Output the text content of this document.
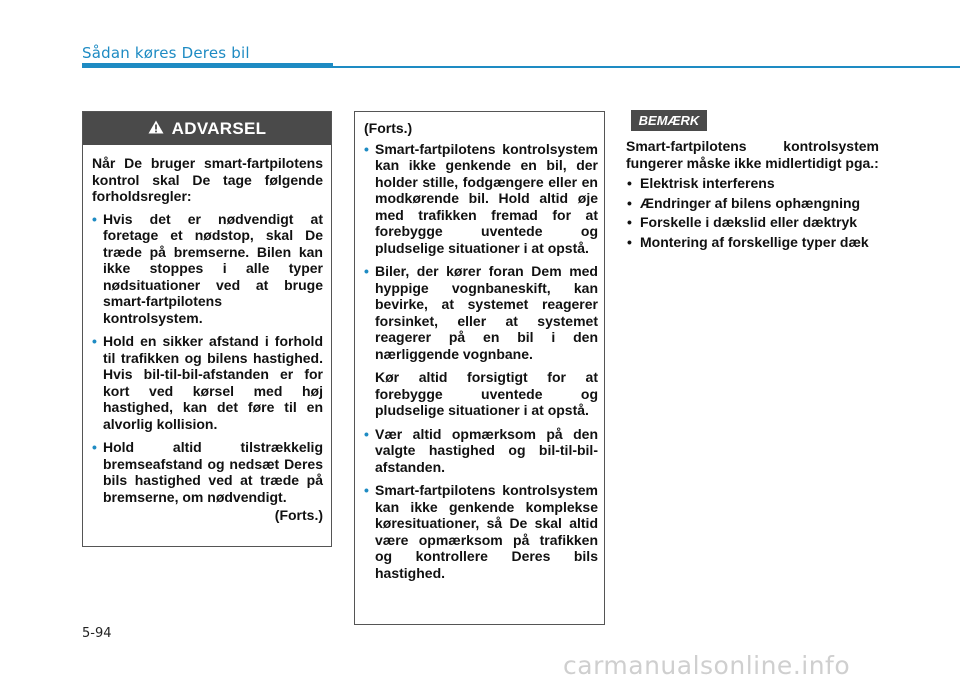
Sådan køres Deres bil
ADVARSEL

Når De bruger smart-fartpilotens kontrol skal De tage følgende forholdsregler:

• Hvis det er nødvendigt at foretage et nødstop, skal De træde på bremserne. Bilen kan ikke stoppes i alle typer nødsituationer ved at bruge smart-fartpilotens kontrolsystem.
• Hold en sikker afstand i forhold til trafikken og bilens hastighed. Hvis bil-til-bil-afstanden er for kort ved kørsel med høj hastighed, kan det føre til en alvorlig kollision.
• Hold altid tilstrækkelig bremseafstand og nedsæt Deres bils hastighed ved at træde på bremserne, om nødvendigt.
(Forts.)

(Forts.)

• Smart-fartpilotens kontrolsystem kan ikke genkende en bil, der holder stille, fodgængere eller en modkørende bil. Hold altid øje med trafikken fremad for at forebygge uventede og pludselige situationer i at opstå.
• Biler, der kører foran Dem med hyppige vognbaneskift, kan bevirke, at systemet reagerer forsinket, eller at systemet reagerer på en bil i den nærliggende vognbane.

Kør altid forsigtigt for at forebygge uventede og pludselige situationer i at opstå.

• Vær altid opmærksom på den valgte hastighed og bil-til-bil-afstanden.
• Smart-fartpilotens kontrolsystem kan ikke genkende komplekse køresituationer, så De skal altid være opmærksom på trafikken og kontrollere Deres bils hastighed.
BEMÆRK

Smart-fartpilotens kontrolsystem fungerer måske ikke midlertidigt pga.:

• Elektrisk interferens
• Ændringer af bilens ophængning
• Forskelle i dækslid eller dæktryk
• Montering af forskellige typer dæk
5-94
carmanualsonline.info
